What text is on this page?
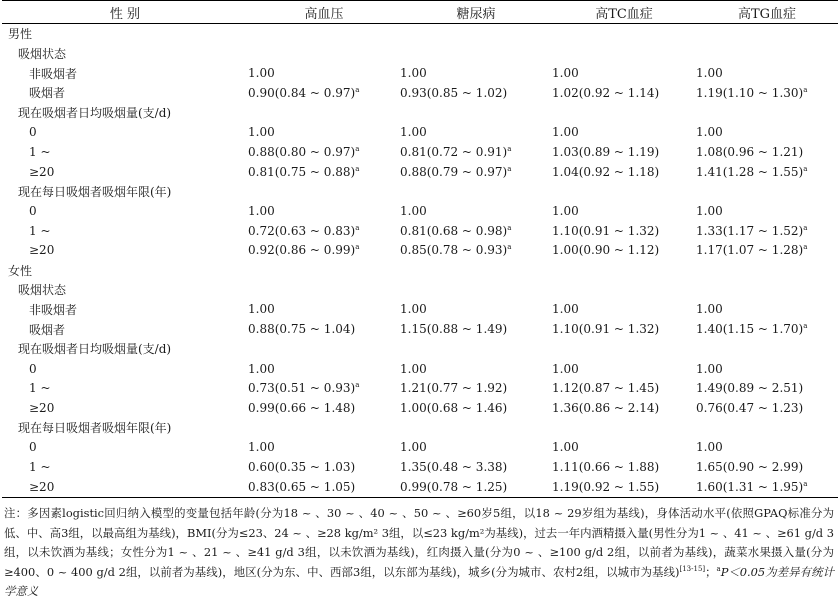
性 别	高血压	糖尿病	高TC血症	高TG血症
男性				
吸烟状态				
非吸烟者	1.00	1.00	1.00	1.00
吸烟者	0.90(0.84 ~ 0.97)$^a$	0.93(0.85 ~ 1.02)	1.02(0.92 ~ 1.14)	1.19(1.10 ~ 1.30)$^a$
现在吸烟者日均吸烟量(支/d)				
0	1.00	1.00	1.00	1.00
1 ~	0.88(0.80 ~ 0.97)$^a$	0.81(0.72 ~ 0.91)$^a$	1.03(0.89 ~ 1.19)	1.08(0.96 ~ 1.21)
≥20	0.81(0.75 ~ 0.88)$^a$	0.88(0.79 ~ 0.97)$^a$	1.04(0.92 ~ 1.18)	1.41(1.28 ~ 1.55)$^a$
现在每日吸烟者吸烟年限(年)				
0	1.00	1.00	1.00	1.00
1 ~	0.72(0.63 ~ 0.83)$^a$	0.81(0.68 ~ 0.98)$^a$	1.10(0.91 ~ 1.32)	1.33(1.17 ~ 1.52)$^a$
≥20	0.92(0.86 ~ 0.99)$^a$	0.85(0.78 ~ 0.93)$^a$	1.00(0.90 ~ 1.12)	1.17(1.07 ~ 1.28)$^a$
女性				
吸烟状态				
非吸烟者	1.00	1.00	1.00	1.00
吸烟者	0.88(0.75 ~ 1.04)	1.15(0.88 ~ 1.49)	1.10(0.91 ~ 1.32)	1.40(1.15 ~ 1.70)$^a$
现在吸烟者日均吸烟量(支/d)				
0	1.00	1.00	1.00	1.00
1 ~	0.73(0.51 ~ 0.93)$^a$	1.21(0.77 ~ 1.92)	1.12(0.87 ~ 1.45)	1.49(0.89 ~ 2.51)
≥20	0.99(0.66 ~ 1.48)	1.00(0.68 ~ 1.46)	1.36(0.86 ~ 2.14)	0.76(0.47 ~ 1.23)
现在每日吸烟者吸烟年限(年)				
0	1.00	1.00	1.00	1.00
1 ~	0.60(0.35 ~ 1.03)	1.35(0.48 ~ 3.38)	1.11(0.66 ~ 1.88)	1.65(0.90 ~ 2.99)
≥20	0.83(0.65 ~ 1.05)	0.99(0.78 ~ 1.25)	1.19(0.92 ~ 1.55)	1.60(1.31 ~ 1.95)$^a$
注：多因素logistic回归纳入模型的变量包括年龄(分为18 ~ 、30 ~ 、40 ~ 、50 ~ 、≥60岁5组，以18 ~ 29岁组为基线)，身体活动水平(依照GPAQ标准分为低、中、高3组，以最高组为基线)，BMI(分为≤23、24 ~ 、≥28 kg/m² 3组，以≤23 kg/m²为基线)，过去一年内酒精摄入量(男性分为1 ~ 、41 ~ 、≥61 g/d 3组，以未饮酒为基线；女性分为1 ~ 、21 ~ 、≥41 g/d 3组，以未饮酒为基线)，红肉摄入量(分为0 ~ 、≥100 g/d 2组，以前者为基线)，蔬菜水果摄入量(分为≥400、0 ~ 400 g/d 2组，以前者为基线)，地区(分为东、中、西部3组，以东部为基线)，城乡(分为城市、农村2组，以城市为基线)[13-15]；$^a$P＜0.05为差异有统计学意义
